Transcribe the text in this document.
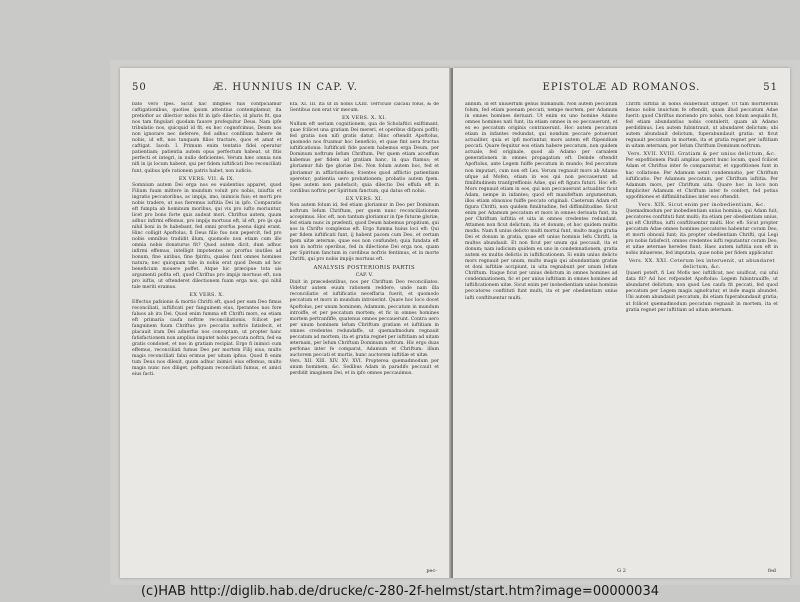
50	Æ. HUNNIUS IN CAP. V.

bato vero fpes. Sicut hac infignes tuis confpiciamur caftigationibus, quoties ipsum attentius contemplamur, ita pretiofior ac dilectior nobis fit in ipfo dilectio, id pluris fit, qua nos tam fingulari quodam fauore profequitur Deus. Nam ipfe tribulatio nos, quicquid id fit, ex hoc cognofcimus, Deum nos non ignorare nec deferere, fed adhuc confilium habere de nobis, id eft, nos tanquam filios tractare, quos et amat et caftigat. Iacob. I. Primum enim tentatio fidei operatur patientiam; patientia autem opus perfectum habeat, ut fitis perfecti et integri, in nullo deficientes. Verum hæc omnia non nifi in ijs locum habent, qui per fidem iuftificati Deo reconciliati funt, quibus ipfe rationem patris habet, non iudicis.

EX VERS. VII. & IX.

Somnium autem Dei erga nos eo euidentius apparet, quod Filium fuum mittere in mundum voluit pro nobis, iniuftis et ingratis peccatoribus, ac impijs, imo, inimicis fuis; et morti pro nobis tradere, ut nos fieremus iuftitia Dei in ipfo. Comparatio eft fumpta ab hominum moribus, qui vix pro iufto moriuntur, licet pro bono forte quis audeat mori. Chriftus autem, quum adhuc infirmi effemus, pro impijs mortuus eft, id eft, pro ijs qui nihil boni in fe habebant, fed omni prorfus poena digni erant. Hinc colligit Apoftolus, fi Deus filio fuo non pepercit, fed pro nobis omnibus tradidit illum, quomodo non etiam cum illo omnia nobis donaturus fit? Quod autem dicit, dum adhuc infirmi effemus, intelligit impotentes ac prorfus inutiles ad bonum, fine uiribus, fine fpiritu, quales funt omnes homines natura; nec quicquam tale in nobis erat quod Deum ad hoc beneficium mouere poffet. Atque hic præcipue tota uis argumenti pofita eft, quod Chriftus pro impijs mortuus eft, non pro iuftis, ut oftenderet dilectionem fuam erga nos, qui nihil tale meriti eramus.

EX VERS. X.

Effectus pafsionis & mortis Chrifti eft, quod per eam Deo fimus reconciliati, iuftificati per fanguinem eius, fperantes nos fore faluos ab ira Dei. Quod enim fumma eft Chrifti mors, ea etiam eft primaria caufa noftræ reconciliationis, fcilicet per fanguinem fuum Chriftus pro peccatis noftris fatisfecit, et placauit iram Dei aduerfus nos conceptam, ut propter hanc fatisfactionem non amplius imputet nobis peccata noftra, fed ea gratis condonet, et nos in gratiam recipiat. Ergo fi inimici cum effemus, reconciliati fumus Deo per mortem Filij eius, multo magis reconciliati falui erimus per uitam ipfius. Quod fi enim tum Deus nos dilexit, quum adhuc inimici eius effemus, multo magis nunc nos diliget, poftquam reconciliati fumus, et amici eius facti.

Efa. XI. III. ita ut in nobis LXIII. Terriculo calcaui folus, & de Gentibus non erat vir mecum.

EX VERS. X. XI.

Nullum eft ueriam cognitionem, qua de Scholaftici exiftimant, quae fcilicet una gratiam Dei mereri, et operibus difponi poffit; fed gratia non nifi gratis datur. Hinc oftendit Apoftolus, quomodo nos fruamur hoc beneficio, et quae fint uera fructus iuftificationis: Iuftificati fide pacem habemus erga Deum, per Dominum noftrum Iefum Chriftum. Per quem etiam acceffum habemus per fidem ad gratiam hanc, in qua ftamus; et gloriamur fub fpe gloriæ Dei. Non folum autem hoc, fed et gloriamur in afflictionibus; fcientes quod afflictio patientiam operetur; patientia uero probationem; probatio autem fpem. Spes autem non pudefacit; quia dilectio Dei effufa eft in cordibus noftris per Spiritum fanctum, qui datus eft nobis.

EX VERS. XI.

Non autem folum id, fed etiam gloriamur in Deo per Dominum noftrum Iefum Chriftum, per quem nunc reconciliationem accepimus. Hoc eft, non tantum gloriamur in fpe futuræ gloriæ, fed etiam nunc in præfenti, quod Deum habemus propitium, qui nos in Chrifto complexus eft. Ergo fumma huius loci eft: Qui per fidem iuftificati funt, ij habent pacem cum Deo, et certam fpem uitæ æternæ, quae eos non confundet; quia fundata eft non in noftris operibus, fed in dilectione Dei erga nos, quam per Spiritum fanctum in cordibus noftris fentimus, et in morte Chrifti, qui pro nobis impijs mortuus eft.

ANALYSIS POSTERIORIS PARTIS

CAP. V.

Dixit in præcedentibus, nos per Chriftum Deo reconciliatos. Videtur autem euum rationem reddere, unde nam illa reconciliatio et iuftificatio neceffaria fuerit, et quomodo peccatum et mors in mundum introierint. Quare hoc loco docet Apoftolus, per unum hominem, Adamum, peccatum in mundum introiffe, et per peccatum mortem; et fic in omnes homines mortem pertranfiffe, quatenus omnes peccauerunt. Contra uero per unum hominem Iefum Chriftum gratiam et iuftitiam in omnes credentes redundaffe, ut quemadmodum regnauit peccatum ad mortem, ita et gratia regnet per iuftitiam ad uitam æternam, per Iefum Chriftum Dominum noftrum. Hic ergo duas perfonas inter fe comparat, Adamum et Chriftum: illum auctorem peccati et mortis, hunc auctorem iuftitiæ et uitæ.

Vers. XII. XIII. XIV. XV. XVI. Propterea quemadmodum per unum hominem, &c. Sedibus Adam in paradifo peccauit et perdidit imaginem Dei, et in ipfo omnes peccauimus.

pec-
EPISTOLÆ AD ROMANOS.	51

annum, id eft uniuerfum genus humanum. Non autem peccatum folum, fed etiam poenam peccati, nempe mortem, per Adamum in omnes homines deriuari. Ut enim ex uno homine Adamo omnes homines nati funt, ita etiam omnes in eo peccauerunt, et ex eo peccatum originis contraxerunt. Hoc autem peccatum etiam in infantes redundat, qui nondum peccare potuerunt actualiter, quia et ipfi moriuntur, mors autem eft ftipendium peccati. Quare fequitur eos etiam habere peccatum, non quidem actuale, fed originale, quod ab Adamo per carnalem generationem in omnes propagatum eft. Deinde oftendit Apoftolus, ante Legem fuiffe peccatum in mundo; fed peccatum non imputari, cum non eft Lex. Verum regnauit mors ab Adamo ufque ad Mofen, etiam in eos qui non peccauerant ad fimilitudinem tranfgreffionis Adae, qui eft figura futuri. Hoc eft: Mors regnauit etiam in eos, qui non peccauerunt actualiter ficut Adam, nempe in infantes; quod eft manifeftum argumentum, illos etiam obnoxios fuiffe peccato originali. Caeterum Adam eft figura Chrifti, non quidem fimilitudine, fed diffimilitudine. Sicut enim per Adamum peccatum et mors in omnes deriuata funt, ita per Chriftum iuftitia et uita in omnes credentes redundant. Attamen non ficut delictum, ita et donum; et hoc quidem multis modis. Nam fi unius delicto multi mortui funt, multo magis gratia Dei et donum in gratia, quae eft unius hominis Iefu Chrifti, in multos abundauit. Et non ficut per unum qui peccauit, ita et donum; nam iudicium quidem ex uno in condemnationem, gratia autem ex multis delictis in iuftificationem. Si enim unius delicto mors regnauit per unum, multo magis qui abundantiam gratiæ et doni iuftitiæ accipiunt, in uita regnabunt per unum Iefum Chriftum. Itaque ficut per unius delictum in omnes homines ad condemnationem, fic et per unius iuftitiam in omnes homines ad iuftificationem uitæ. Sicut enim per inobedientiam unius hominis peccatores conftituti funt multi, ita et per obedientiam unius iufti conftituentur multi.

Chrifti iuftitia in nobis exuberauit infuper. Ut tam mortiferum denuo nobis inuictum fe oftendit, quam illud peccatum Adae fuerit: quod Chriftus moriendo pro nobis, non folum aequalis fit, fed etiam abundantius nobis contulerit, quam ab Adamo perdidimus. Lex autem fubintrauit, ut abundaret delictum; ubi autem abundauit delictum, fuperabundauit gratia: ut ficut regnauit peccatum in mortem, ita et gratia regnet per iuftitiam in uitam æternam, per Iefum Chriftum Dominum noftrum.

Vers. XVII. XVIII. Gratiam & per unius delictum, &c.

Per expofitionem Pauli amplius aperit hunc locum, quod fcilicet Adam et Chriftus inter fe comparantur, et oppofitiones funt in hac collatione. Per Adamum uenit condemnatio, per Chriftum iuftificatio. Per Adamum peccatum, per Chriftum iuftitia. Per Adamum mors, per Chriftum uita. Quare hoc in loco non fimpliciter Adamum et Chriftum inter fe confert, fed potius oppofitiones et diffimilitudines inter eos oftendit.

Vers. XIX. Sicut enim per inobedientiam, &c.

Quemadmodum per inobedientiam unius hominis, qui Adam fuit, peccatores conftituti funt multi; ita etiam per obedientiam unius, qui eft Chriftus, iufti conftituentur multi. Hoc eft: Sicut propter peccatum Adae omnes homines peccatores habentur coram Deo, et morti obnoxii funt; ita propter obedientiam Chrifti, qui Legi pro nobis fatisfecit, omnes credentes iufti reputantur coram Deo, et uitae æternae heredes fiunt. Haec autem iuftitia non eft in nobis inhaerens, fed imputata, quae nobis per fidem applicatur.

Vers. XX. XXI. Ceterum lex interuenit, ut abundaret delictum, &c.

Quaeri poteft, fi Lex Mofis nec iuftificat, nec uiuificat, cui ufui data fit? Ad hoc refpondet Apoftolus: Legem fubintrauiffe, ut abundaret delictum; non quod Lex caufa fit peccati, fed quod peccatum per Legem magis agnofcatur, et inde magis abundet. Ubi autem abundauit peccatum, ibi etiam fuperabundauit gratia; ut fcilicet quemadmodum peccatum regnauit in mortem, ita et gratia regnet per iuftitiam ad uitam æternam.

G 2	fed
(c)HAB http://diglib.hab.de/drucke/c-280-2f-helmst/start.htm?image=00000034
